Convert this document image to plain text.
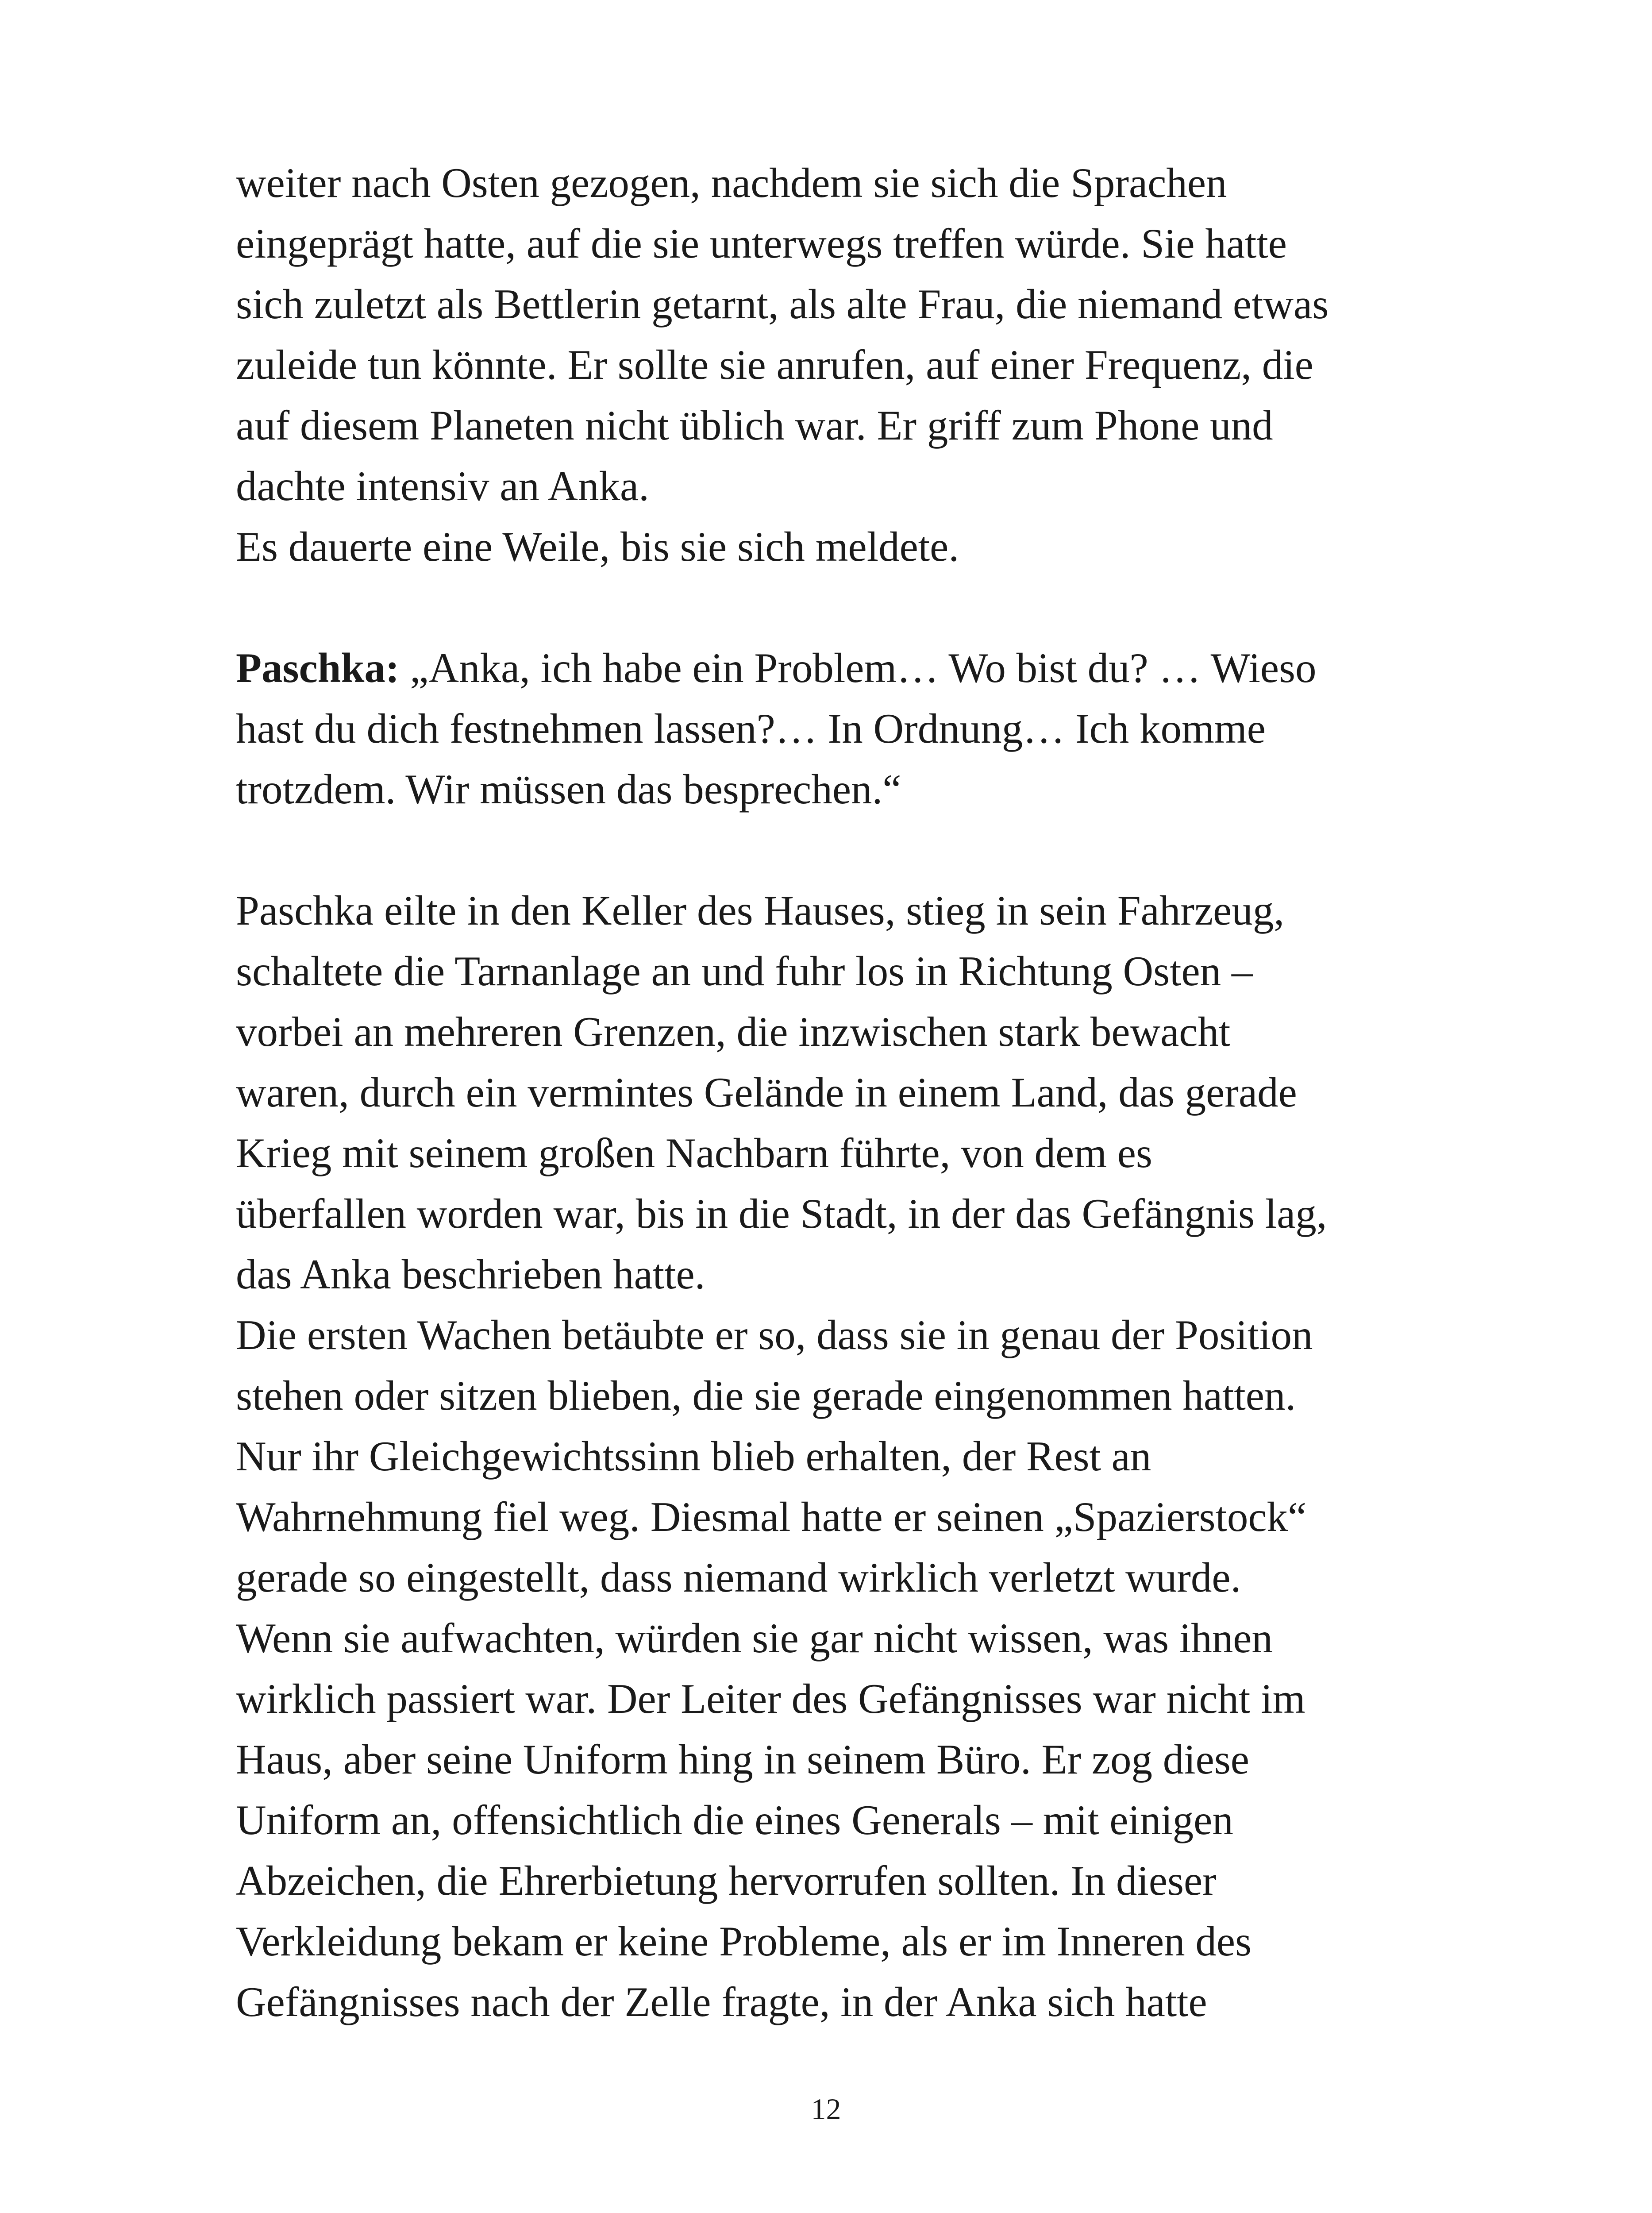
weiter nach Osten gezogen, nachdem sie sich die Sprachen

eingeprägt hatte, auf die sie unterwegs treffen würde. Sie hatte

sich zuletzt als Bettlerin getarnt, als alte Frau, die niemand etwas

zuleide tun könnte. Er sollte sie anrufen, auf einer Frequenz, die

auf diesem Planeten nicht üblich war. Er griff zum Phone und

dachte intensiv an Anka.

Es dauerte eine Weile, bis sie sich meldete.

Paschka: „Anka, ich habe ein Problem… Wo bist du? … Wieso

hast du dich festnehmen lassen?… In Ordnung… Ich komme

trotzdem. Wir müssen das besprechen.“

Paschka eilte in den Keller des Hauses, stieg in sein Fahrzeug,

schaltete die Tarnanlage an und fuhr los in Richtung Osten –

vorbei an mehreren Grenzen, die inzwischen stark bewacht

waren, durch ein vermintes Gelände in einem Land, das gerade

Krieg mit seinem großen Nachbarn führte, von dem es

überfallen worden war, bis in die Stadt, in der das Gefängnis lag,

das Anka beschrieben hatte.

Die ersten Wachen betäubte er so, dass sie in genau der Position

stehen oder sitzen blieben, die sie gerade eingenommen hatten.

Nur ihr Gleichgewichtssinn blieb erhalten, der Rest an

Wahrnehmung fiel weg. Diesmal hatte er seinen „Spazierstock“

gerade so eingestellt, dass niemand wirklich verletzt wurde.

Wenn sie aufwachten, würden sie gar nicht wissen, was ihnen

wirklich passiert war. Der Leiter des Gefängnisses war nicht im

Haus, aber seine Uniform hing in seinem Büro. Er zog diese

Uniform an, offensichtlich die eines Generals – mit einigen

Abzeichen, die Ehrerbietung hervorrufen sollten. In dieser

Verkleidung bekam er keine Probleme, als er im Inneren des

Gefängnisses nach der Zelle fragte, in der Anka sich hatte

12
